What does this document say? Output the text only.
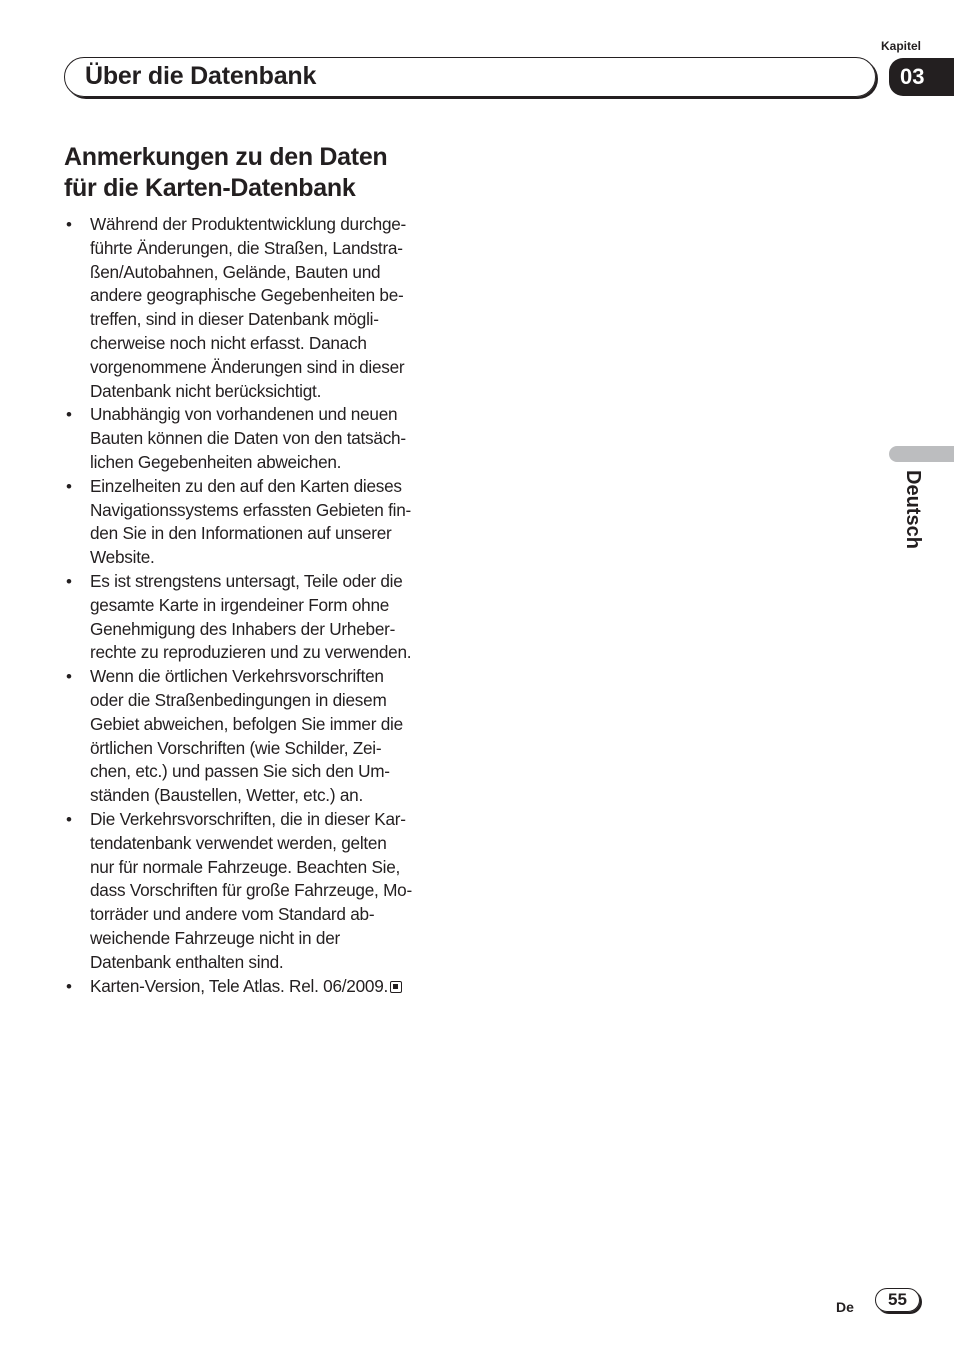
Kapitel
03
Über die Datenbank
Anmerkungen zu den Daten
für die Karten-Datenbank
• Während der Produktentwicklung durchge-
führte Änderungen, die Straßen, Landstra-
ßen/Autobahnen, Gelände, Bauten und
andere geographische Gegebenheiten be-
treffen, sind in dieser Datenbank mögli-
cherweise noch nicht erfasst. Danach
vorgenommene Änderungen sind in dieser
Datenbank nicht berücksichtigt.
• Unabhängig von vorhandenen und neuen
Bauten können die Daten von den tatsäch-
lichen Gegebenheiten abweichen.
• Einzelheiten zu den auf den Karten dieses
Navigationssystems erfassten Gebieten fin-
den Sie in den Informationen auf unserer
Website.
• Es ist strengstens untersagt, Teile oder die
gesamte Karte in irgendeiner Form ohne
Genehmigung des Inhabers der Urheber-
rechte zu reproduzieren und zu verwenden.
• Wenn die örtlichen Verkehrsvorschriften
oder die Straßenbedingungen in diesem
Gebiet abweichen, befolgen Sie immer die
örtlichen Vorschriften (wie Schilder, Zei-
chen, etc.) und passen Sie sich den Um-
ständen (Baustellen, Wetter, etc.) an.
• Die Verkehrsvorschriften, die in dieser Kar-
tendatenbank verwendet werden, gelten
nur für normale Fahrzeuge. Beachten Sie,
dass Vorschriften für große Fahrzeuge, Mo-
torräder und andere vom Standard ab-
weichende Fahrzeuge nicht in der
Datenbank enthalten sind.
• Karten-Version, Tele Atlas. Rel. 06/2009.
Deutsch
De	55
